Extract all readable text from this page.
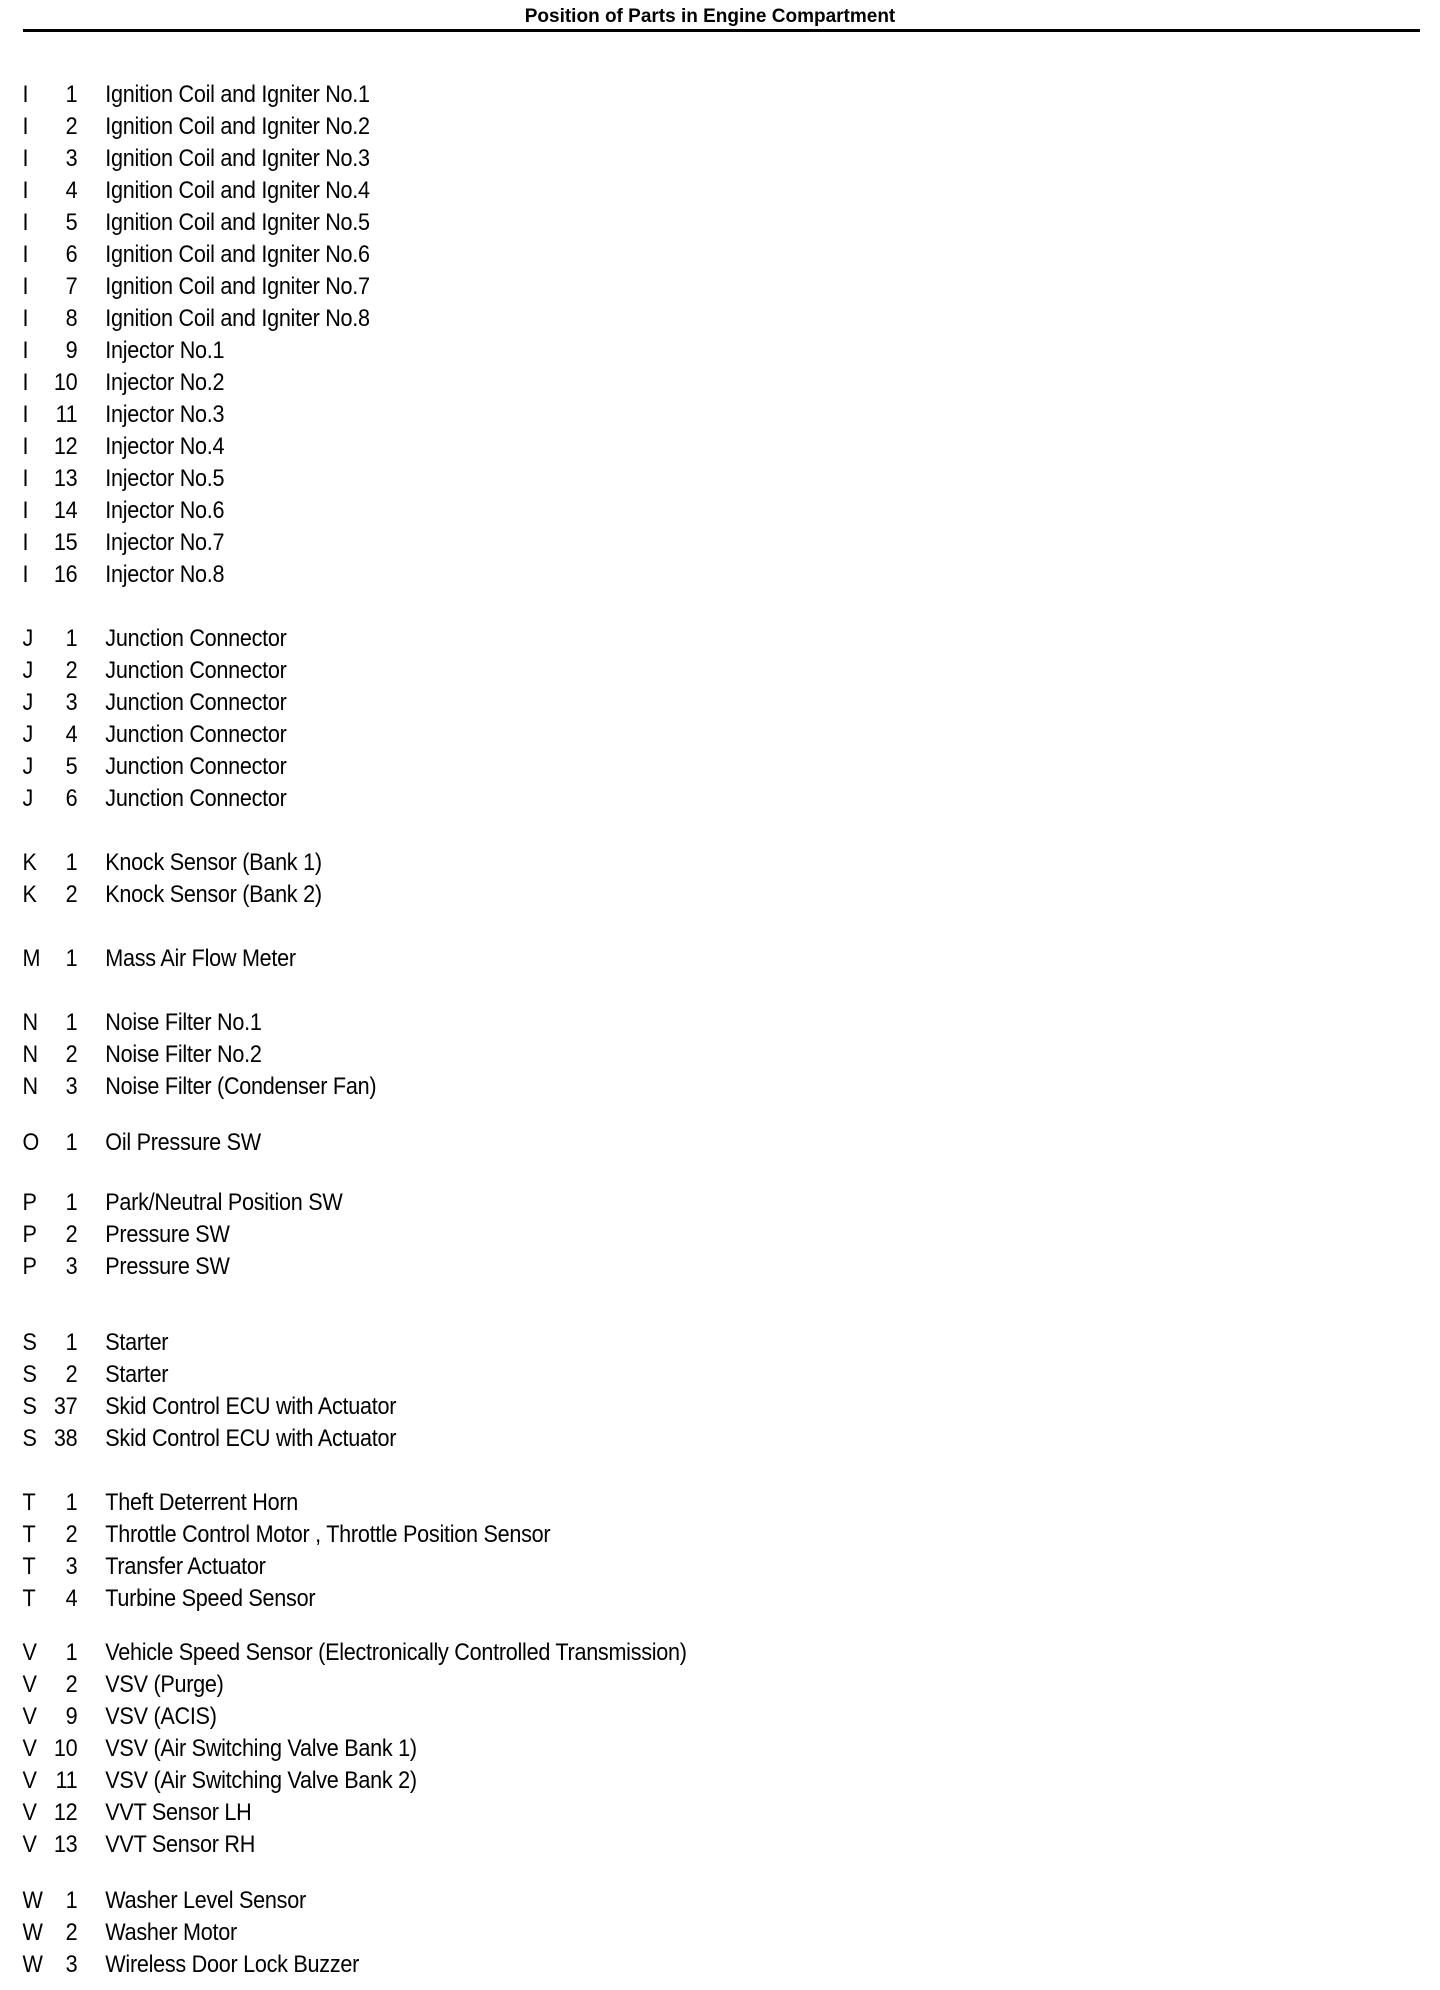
Position of Parts in Engine Compartment
I	1 Ignition Coil and Igniter No.1
I	2 Ignition Coil and Igniter No.2
I	3 Ignition Coil and Igniter No.3
I	4 Ignition Coil and Igniter No.4
I	5 Ignition Coil and Igniter No.5
I	6 Ignition Coil and Igniter No.6
I	7 Ignition Coil and Igniter No.7
I	8 Ignition Coil and Igniter No.8
I	9 Injector No.1
I	10 Injector No.2
I	11 Injector No.3
I	12 Injector No.4
I	13 Injector No.5
I	14 Injector No.6
I	15 Injector No.7
I	16 Injector No.8
J	1 Junction Connector
J	2 Junction Connector
J	3 Junction Connector
J	4 Junction Connector
J	5 Junction Connector
J	6 Junction Connector
K	1 Knock Sensor (Bank 1)
K	2 Knock Sensor (Bank 2)
M	1 Mass Air Flow Meter
N	1 Noise Filter No.1
N	2 Noise Filter No.2
N	3 Noise Filter (Condenser Fan)
O	1 Oil Pressure SW
P	1 Park/Neutral Position SW
P	2 Pressure SW
P	3 Pressure SW
S	1 Starter
S	2 Starter
S 37 Skid Control ECU with Actuator
S 38 Skid Control ECU with Actuator
T	1 Theft Deterrent Horn
T	2 Throttle Control Motor , Throttle Position Sensor
T	3 Transfer Actuator
T	4 Turbine Speed Sensor
V	1 Vehicle Speed Sensor (Electronically Controlled Transmission)
V	2 VSV (Purge)
V	9 VSV (ACIS)
V 10 VSV (Air Switching Valve Bank 1)
V 11 VSV (Air Switching Valve Bank 2)
V 12 VVT Sensor LH
V 13 VVT Sensor RH
W 1 Washer Level Sensor
W 2 Washer Motor
W 3 Wireless Door Lock Buzzer
